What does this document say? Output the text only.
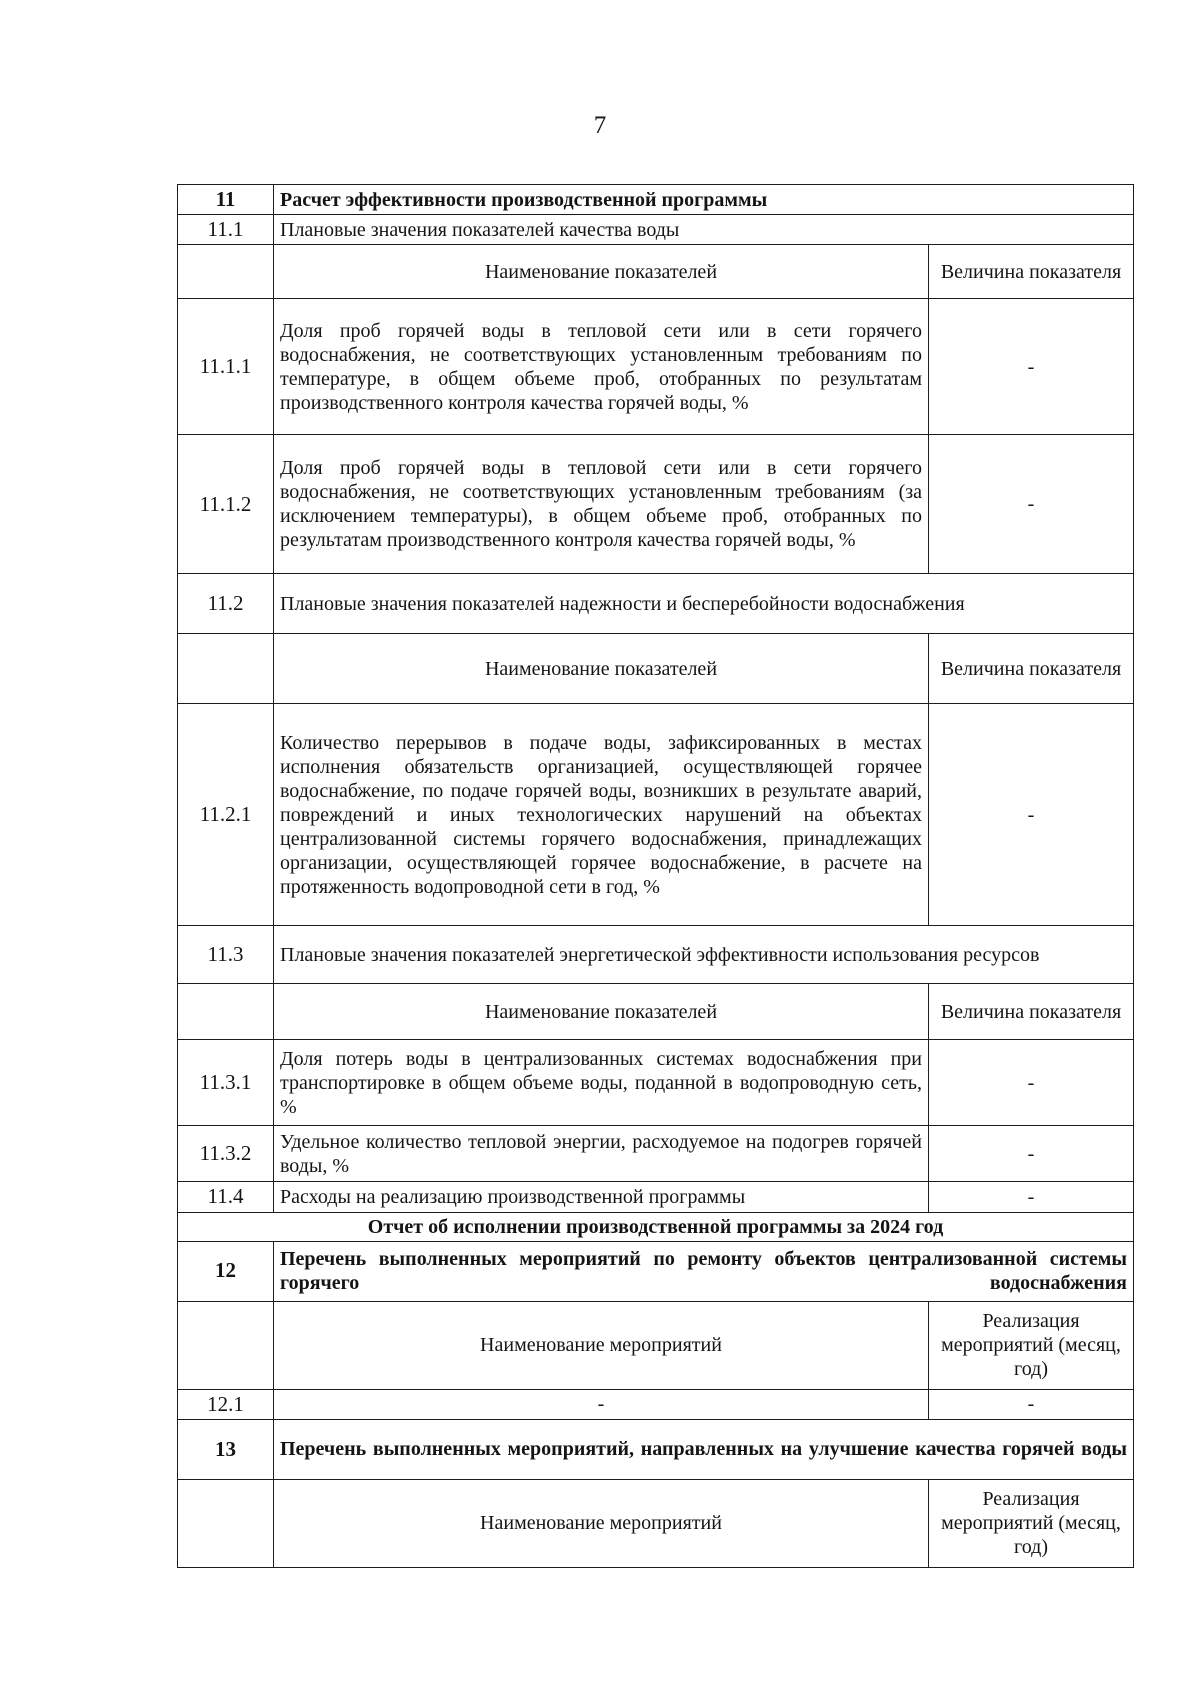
7
11	Расчет эффективности производственной программы	
11.1	Плановые значения показателей качества воды	
	Наименование показателей	Величина показателя
11.1.1	Доля проб горячей воды в тепловой сети или в сети горячего водоснабжения, не соответствующих установленным требованиям по температуре, в общем объеме проб, отобранных по результатам производственного контроля качества горячей воды, %	-
11.1.2	Доля проб горячей воды в тепловой сети или в сети горячего водоснабжения, не соответствующих установленным требованиям (за исключением температуры), в общем объеме проб, отобранных по результатам производственного контроля качества горячей воды, %	-
11.2	Плановые значения показателей надежности и бесперебойности водоснабжения	
	Наименование показателей	Величина показателя
11.2.1	Количество перерывов в подаче воды, зафиксированных в местах исполнения обязательств организацией, осуществляющей горячее водоснабжение, по подаче горячей воды, возникших в результате аварий, повреждений и иных технологических нарушений на объектах централизованной системы горячего водоснабжения, принадлежащих организации, осуществляющей горячее водоснабжение, в расчете на протяженность водопроводной сети в год, %	-
11.3	Плановые значения показателей энергетической эффективности использования ресурсов	
	Наименование показателей	Величина показателя
11.3.1	Доля потерь воды в централизованных системах водоснабжения при транспортировке в общем объеме воды, поданной в водопроводную сеть, %	-
11.3.2	Удельное количество тепловой энергии, расходуемое на подогрев горячей воды, %	-
11.4	Расходы на реализацию производственной программы	-
Отчет об исполнении производственной программы за 2024 год		
12	Перечень выполненных мероприятий по ремонту объектов централизованной системы горячего водоснабжения	
	Наименование мероприятий	Реализация мероприятий (месяц, год)
12.1	-	-
13	Перечень выполненных мероприятий, направленных на улучшение качества горячей воды	
	Наименование мероприятий	Реализация мероприятий (месяц, год)
